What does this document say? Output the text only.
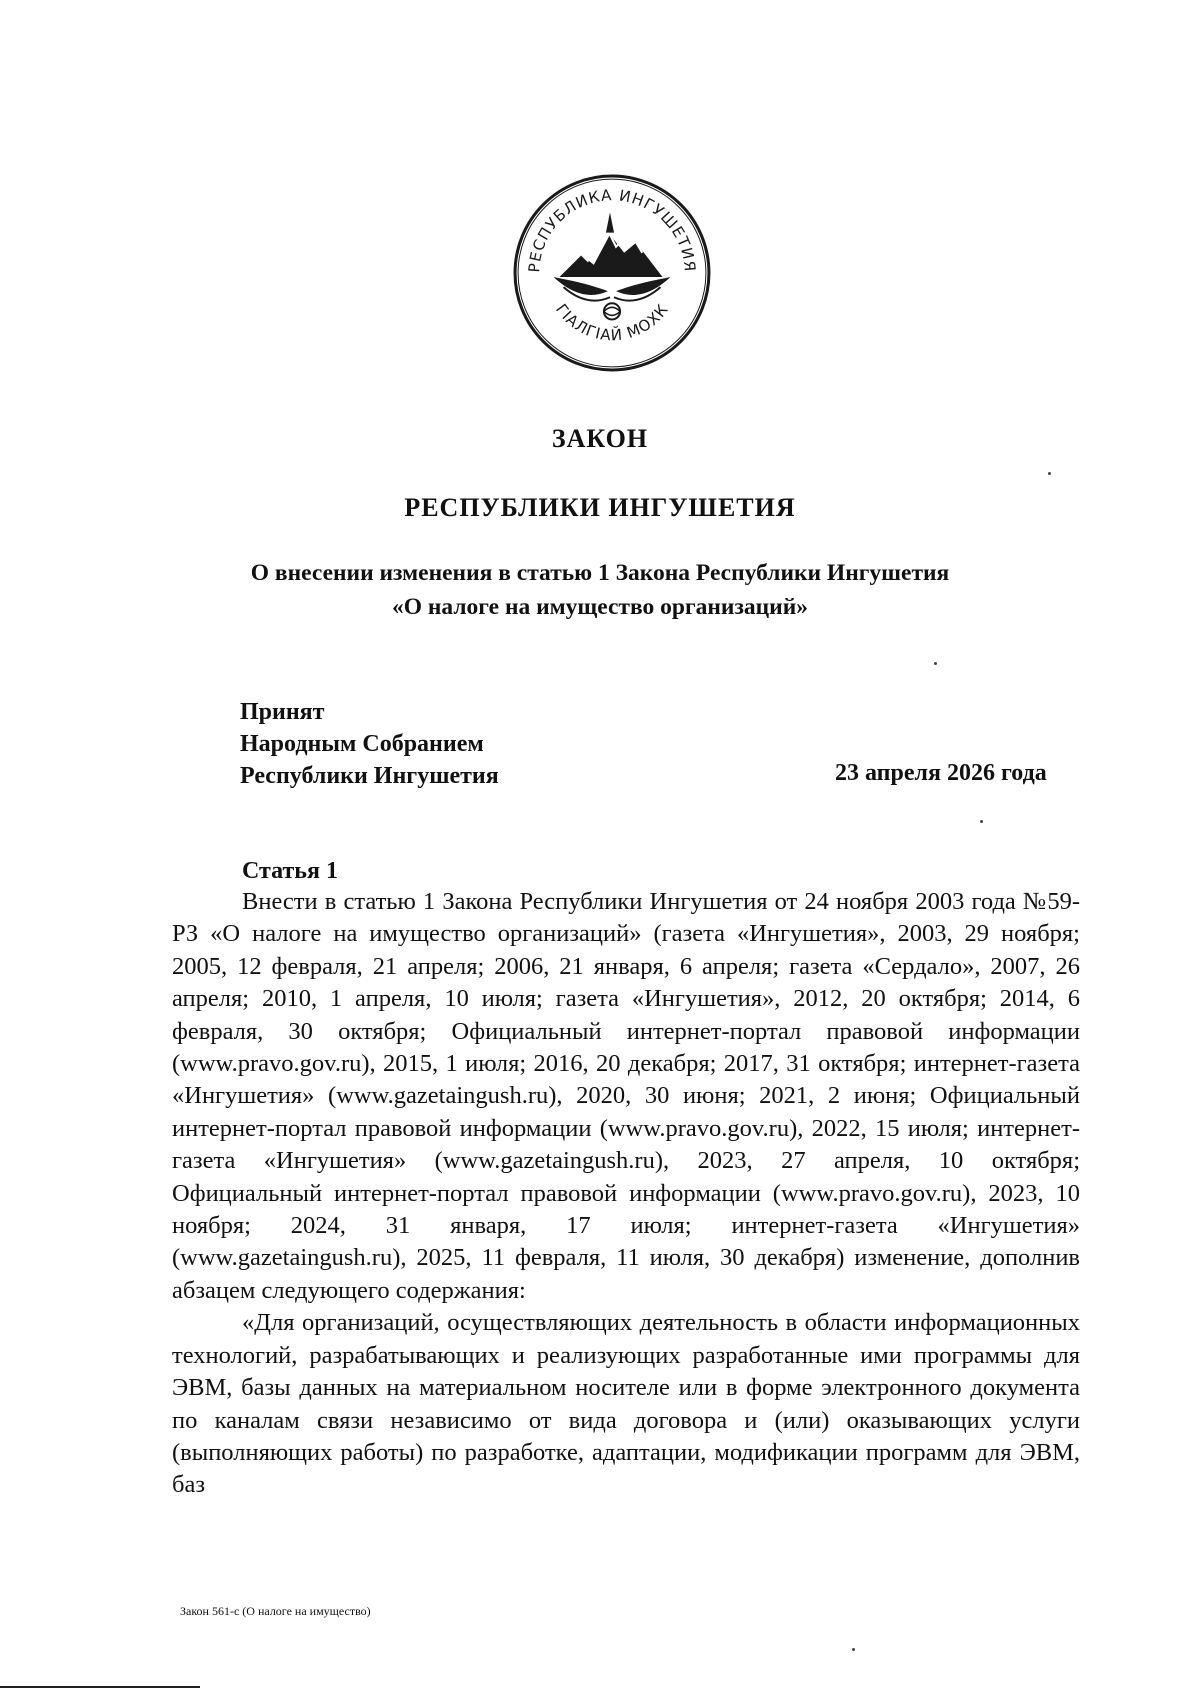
РЕСПУБЛИКА ИНГУШЕТИЯ
ГІАЛГІАЙ МОХК
ЗАКОН
РЕСПУБЛИКИ ИНГУШЕТИЯ
О внесении изменения в статью 1 Закона Республики Ингушетия
«О налоге на имущество организаций»
Принят
Народным Собранием
Республики Ингушетия	23 апреля 2026 года
Статья 1

Внести в статью 1 Закона Республики Ингушетия от 24 ноября 2003 года №59-РЗ «О налоге на имущество организаций» (газета «Ингушетия», 2003, 29 ноября; 2005, 12 февраля, 21 апреля; 2006, 21 января, 6 апреля; газета «Сердало», 2007, 26 апреля; 2010, 1 апреля, 10 июля; газета «Ингушетия», 2012, 20 октября; 2014, 6 февраля, 30 октября; Официальный интернет-портал правовой информации (www.pravo.gov.ru), 2015, 1 июля; 2016, 20 декабря; 2017, 31 октября; интернет-газета «Ингушетия» (www.gazetaingush.ru), 2020, 30 июня; 2021, 2 июня; Официальный интернет-портал правовой информации (www.pravo.gov.ru), 2022, 15 июля; интернет-газета «Ингушетия» (www.gazetaingush.ru), 2023, 27 апреля, 10 октября; Официальный интернет-портал правовой информации (www.pravo.gov.ru), 2023, 10 ноября; 2024, 31 января, 17 июля; интернет-газета «Ингушетия» (www.gazetaingush.ru), 2025, 11 февраля, 11 июля, 30 декабря) изменение, дополнив абзацем следующего содержания:

«Для организаций, осуществляющих деятельность в области информационных технологий, разрабатывающих и реализующих разработанные ими программы для ЭВМ, базы данных на материальном носителе или в форме электронного документа по каналам связи независимо от вида договора и (или) оказывающих услуги (выполняющих работы) по разработке, адаптации, модификации программ для ЭВМ, баз

Закон 561-с (О налоге на имущество)
